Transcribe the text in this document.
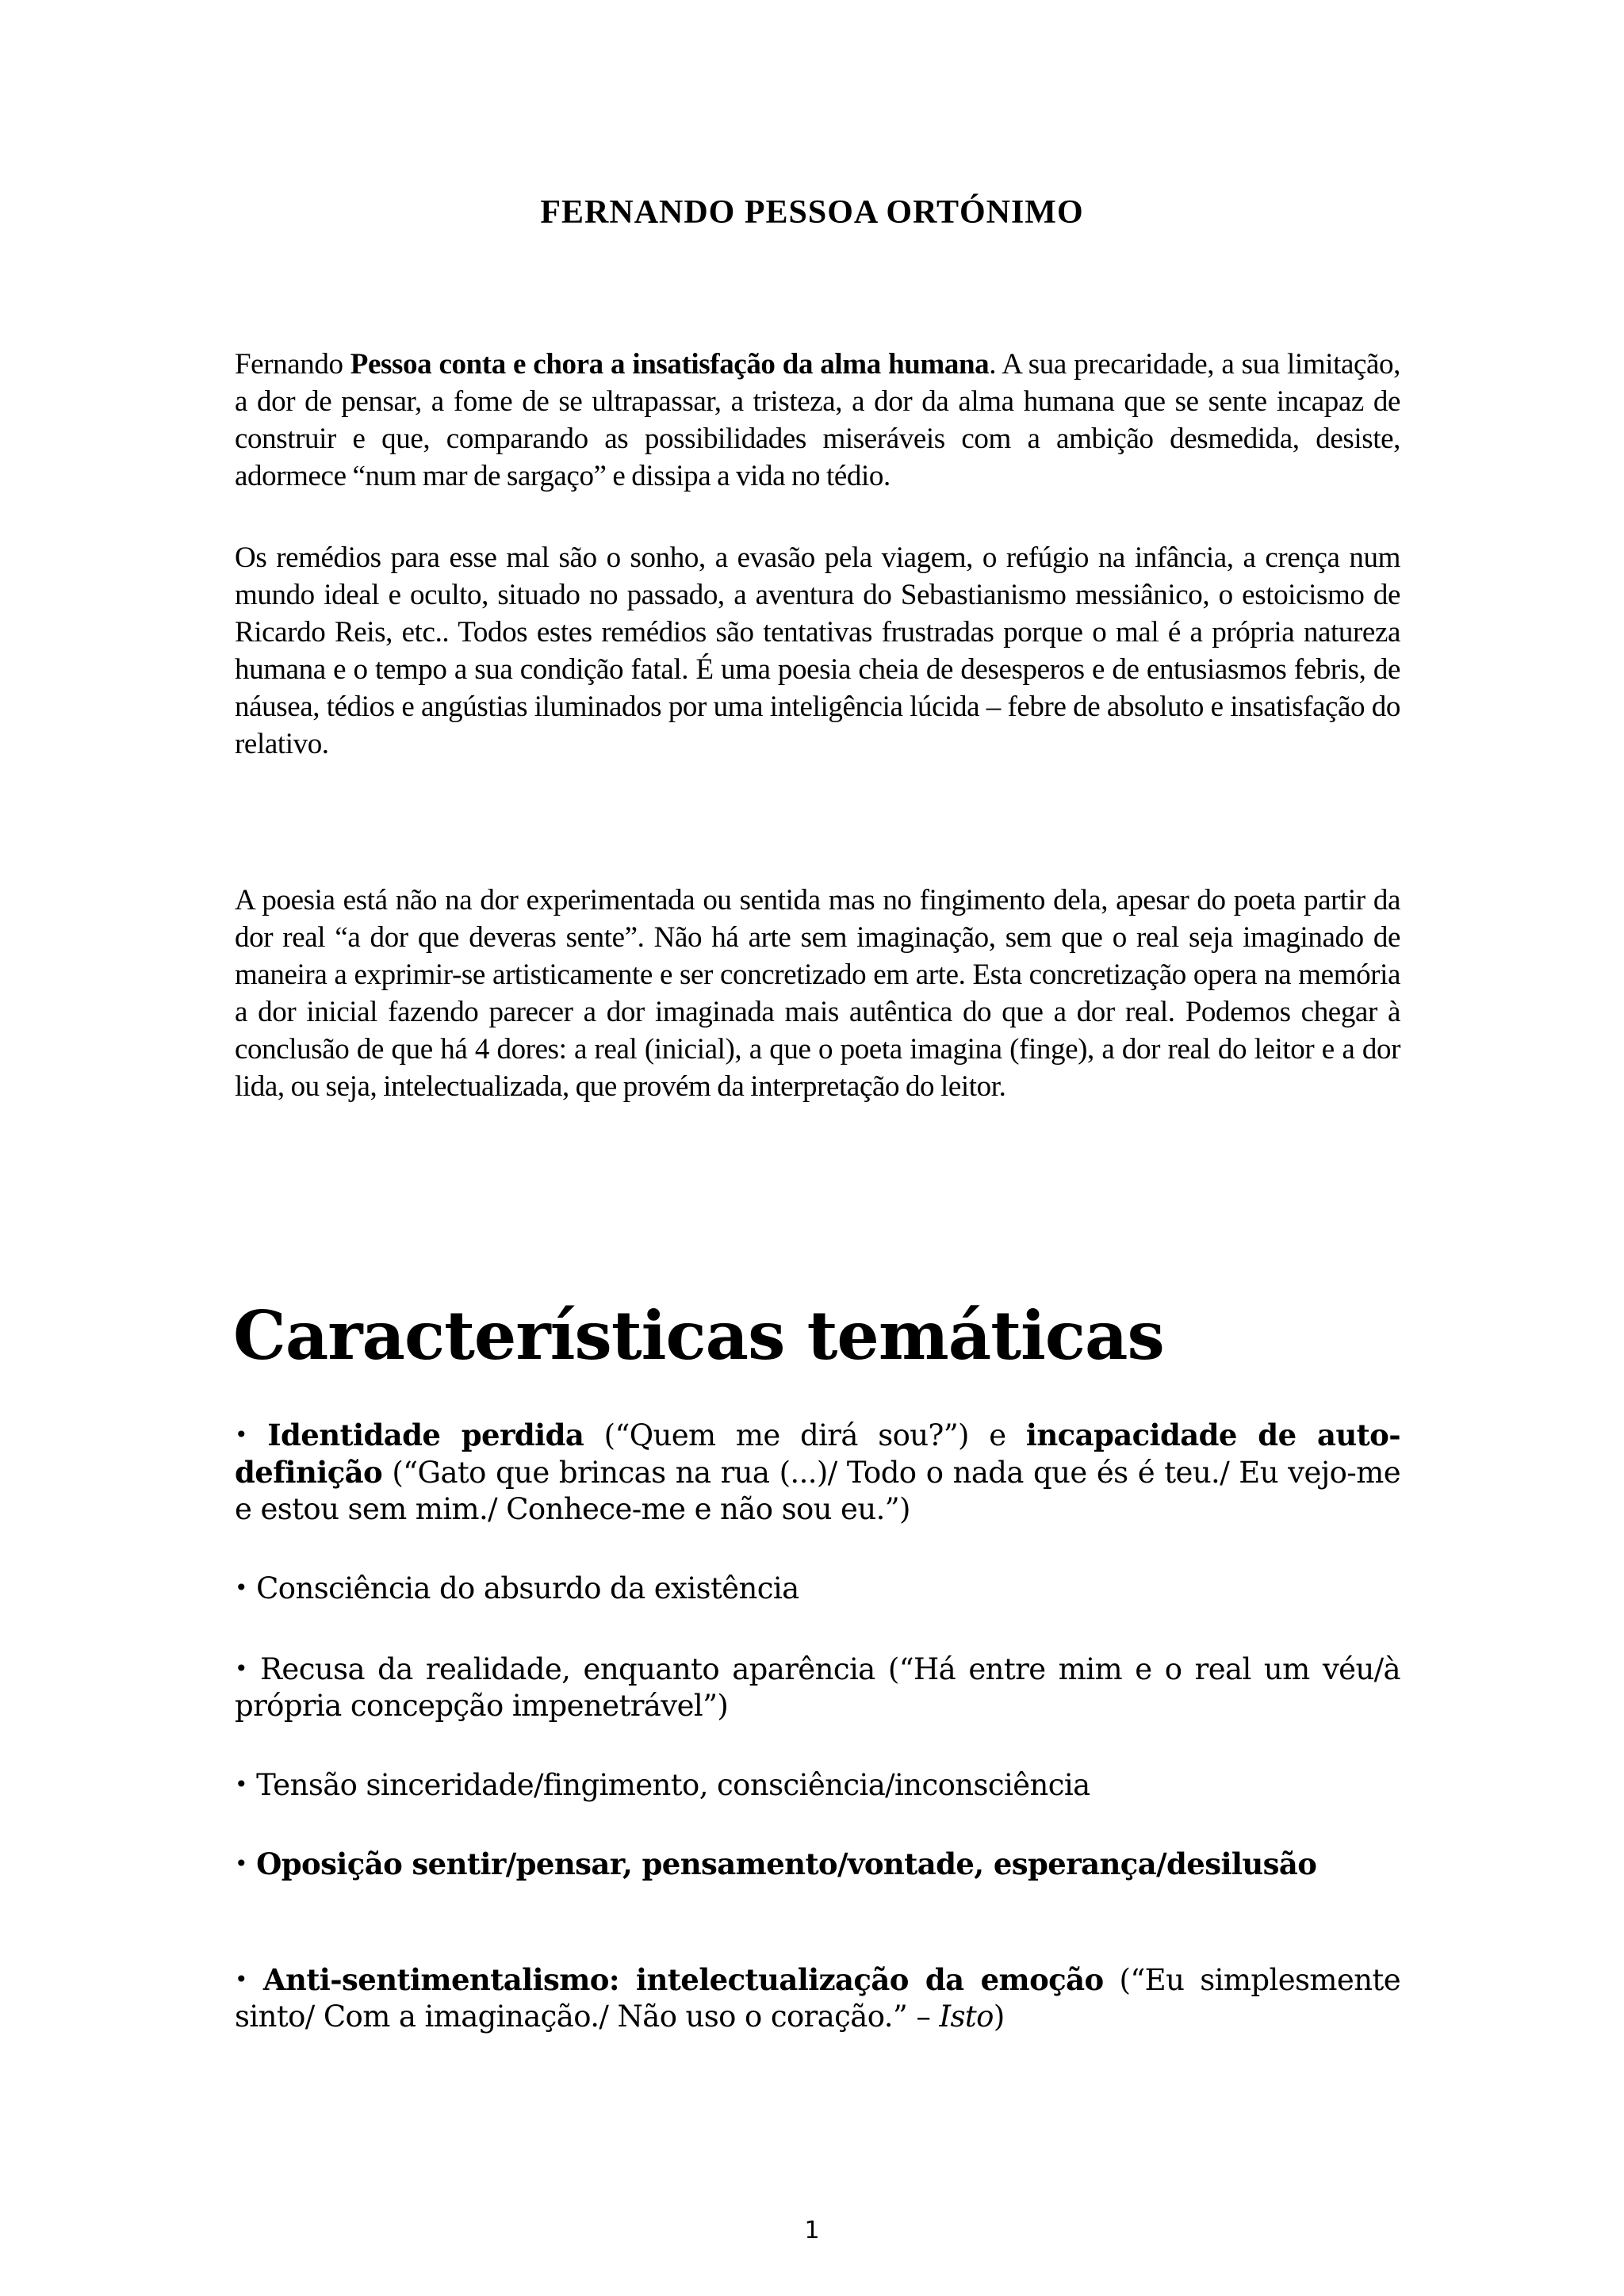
FERNANDO PESSOA ORTÓNIMO
Fernando Pessoa conta e chora a insatisfação da alma humana. A sua precaridade, a sua limitação, a dor de pensar, a fome de se ultrapassar, a tristeza, a dor da alma humana que se sente incapaz de construir e que, comparando as possibilidades miseráveis com a ambição desmedida, desiste, adormece “num mar de sargaço” e dissipa a vida no tédio.
Os remédios para esse mal são o sonho, a evasão pela viagem, o refúgio na infância, a crença num mundo ideal e oculto, situado no passado, a aventura do Sebastianismo messiânico, o estoicismo de Ricardo Reis, etc.. Todos estes remédios são tentativas frustradas porque o mal é a própria natureza humana e o tempo a sua condição fatal. É uma poesia cheia de desesperos e de entusiasmos febris, de náusea, tédios e angústias iluminados por uma inteligência lúcida – febre de absoluto e insatisfação do relativo.
A poesia está não na dor experimentada ou sentida mas no fingimento dela, apesar do poeta partir da dor real “a dor que deveras sente”. Não há arte sem imaginação, sem que o real seja imaginado de maneira a exprimir-se artisticamente e ser concretizado em arte. Esta concretização opera na memória a dor inicial fazendo parecer a dor imaginada mais autêntica do que a dor real. Podemos chegar à conclusão de que há 4 dores: a real (inicial), a que o poeta imagina (finge), a dor real do leitor e a dor lida, ou seja, intelectualizada, que provém da interpretação do leitor.
Características temáticas
• Identidade perdida (“Quem me dirá sou?”) e incapacidade de auto-definição (“Gato que brincas na rua (...)/ Todo o nada que és é teu./ Eu vejo-me e estou sem mim./ Conhece-me e não sou eu.”)
• Consciência do absurdo da existência
• Recusa da realidade, enquanto aparência (“Há entre mim e o real um véu/à própria concepção impenetrável”)
• Tensão sinceridade/fingimento, consciência/inconsciência
• Oposição sentir/pensar, pensamento/vontade, esperança/desilusão
• Anti-sentimentalismo: intelectualização da emoção (“Eu simplesmente sinto/ Com a imaginação./ Não uso o coração.” – Isto)
1
